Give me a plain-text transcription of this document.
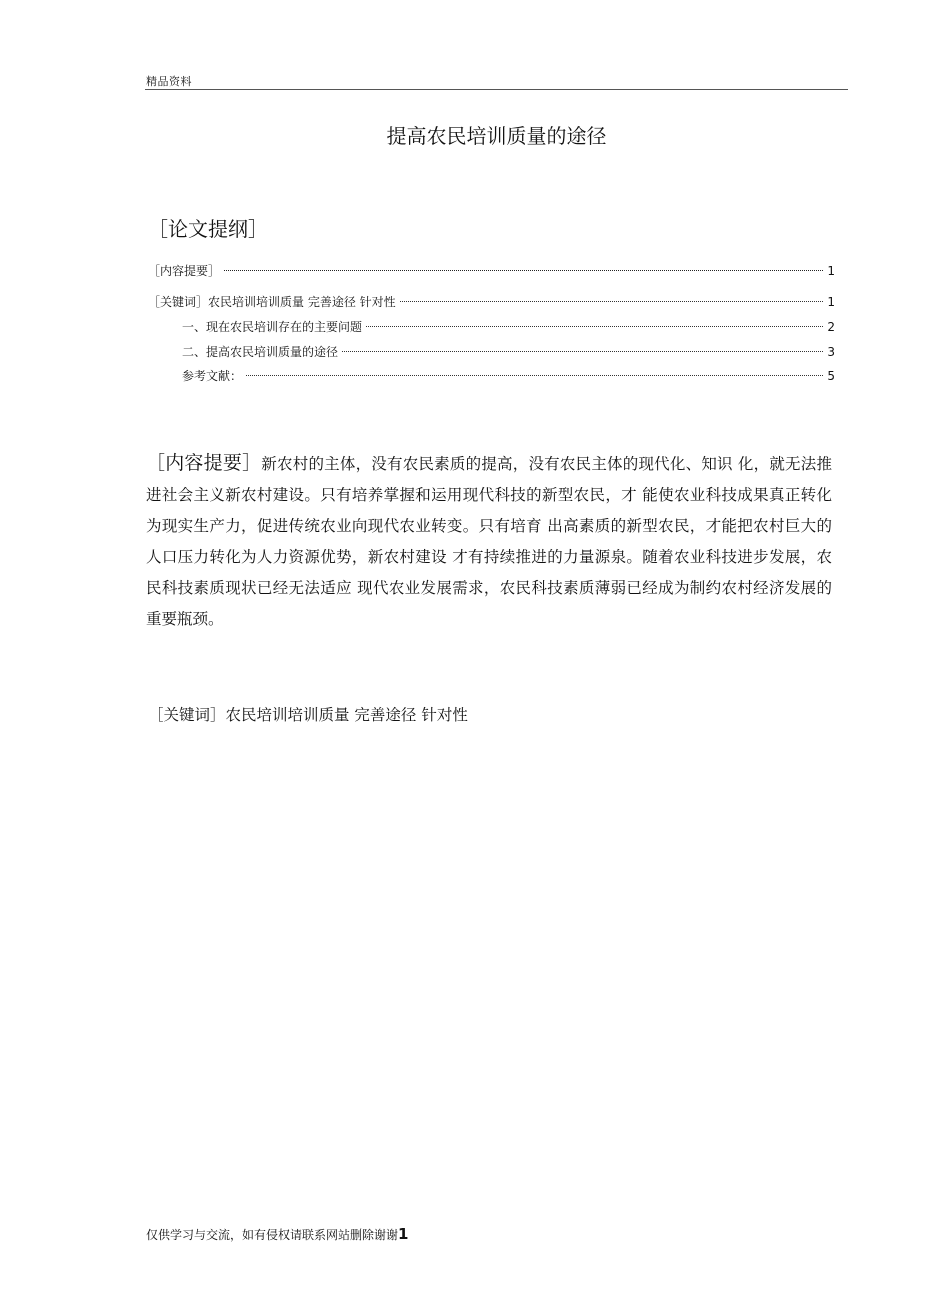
精品资料
提高农民培训质量的途径
［论文提纲］
［内容提要］	1
［关键词］农民培训培训质量 完善途径 针对性	1
一、现在农民培训存在的主要问题	2
二、提高农民培训质量的途径	3
参考文献：	5

［内容提要］新农村的主体，没有农民素质的提高，没有农民主体的现代化、知识 化，就无法推进社会主义新农村建设。只有培养掌握和运用现代科技的新型农民，才 能使农业科技成果真正转化为现实生产力，促进传统农业向现代农业转变。只有培育 出高素质的新型农民，才能把农村巨大的人口压力转化为人力资源优势，新农村建设 才有持续推进的力量源泉。随着农业科技进步发展，农民科技素质现状已经无法适应 现代农业发展需求，农民科技素质薄弱已经成为制约农村经济发展的重要瓶颈。

［关键词］农民培训培训质量 完善途径 针对性
仅供学习与交流，如有侵权请联系网站删除谢谢1
